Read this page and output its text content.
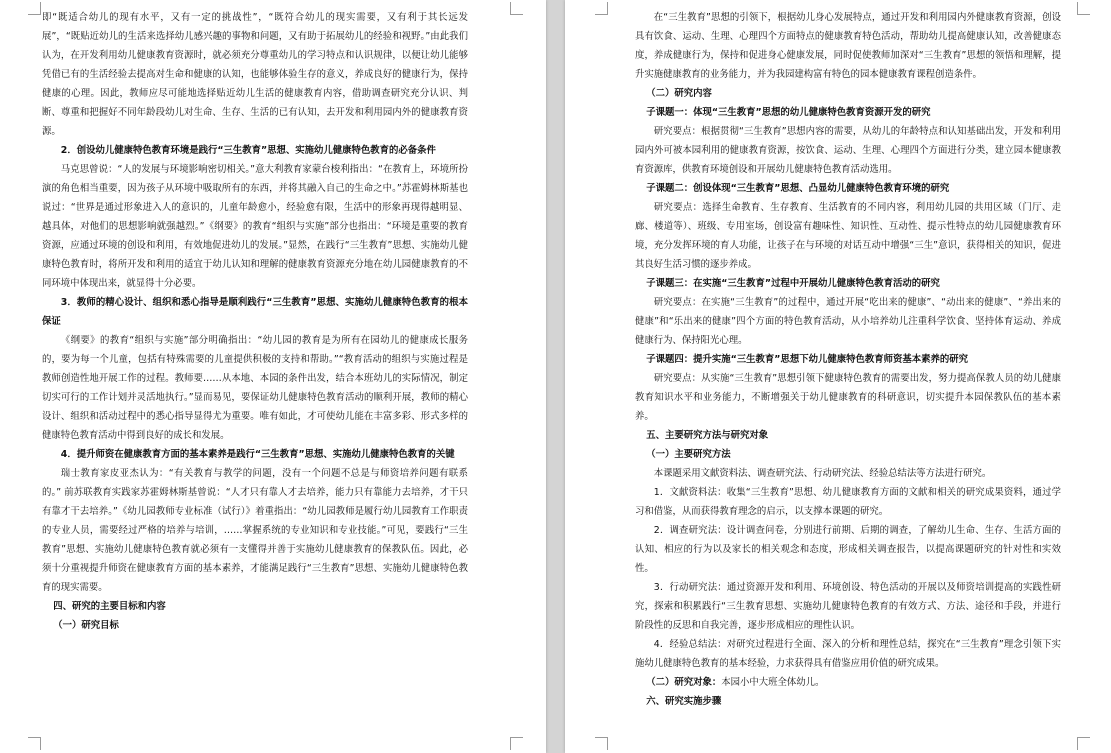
即“既适合幼儿的现有水平，又有一定的挑战性”，“既符合幼儿的现实需要，又有利于其长远发展”，“既贴近幼儿的生活来选择幼儿感兴趣的事物和问题，又有助于拓展幼儿的经验和视野。”由此我们认为，在开发利用幼儿健康教育资源时，就必须充分尊重幼儿的学习特点和认识规律，以便让幼儿能够凭借已有的生活经验去提高对生命和健康的认知，也能够体验生存的意义，养成良好的健康行为，保持健康的心理。因此，教师应尽可能地选择贴近幼儿生活的健康教育内容，借助调查研究充分认识、判断、尊重和把握好不同年龄段幼儿对生命、生存、生活的已有认知，去开发和利用园内外的健康教育资源。

2．创设幼儿健康特色教育环境是践行“三生教育”思想、实施幼儿健康特色教育的必备条件

马克思曾说：“人的发展与环境影响密切相关。”意大利教育家蒙台梭利指出：“在教育上，环境所扮演的角色相当重要，因为孩子从环境中吸取所有的东西，并将其融入自己的生命之中。”苏霍姆林斯基也说过：“世界是通过形象进入人的意识的，儿童年龄愈小，经验愈有限，生活中的形象再现得越明显、越具体，对他们的思想影响就强越烈。”《纲要》的教育“组织与实施”部分也指出：“环境是重要的教育资源，应通过环境的创设和利用，有效地促进幼儿的发展。”显然，在践行“三生教育”思想、实施幼儿健康特色教育时，将所开发和利用的适宜于幼儿认知和理解的健康教育资源充分地在幼儿园健康教育的不同环境中体现出来，就显得十分必要。

3．教师的精心设计、组织和悉心指导是顺利践行“三生教育”思想、实施幼儿健康特色教育的根本保证

《纲要》的教育“组织与实施”部分明确指出：“幼儿园的教育是为所有在园幼儿的健康成长服务的，要为每一个儿童，包括有特殊需要的儿童提供积极的支持和帮助。”“教育活动的组织与实施过程是教师创造性地开展工作的过程。教师要……从本地、本园的条件出发，结合本班幼儿的实际情况，制定切实可行的工作计划并灵活地执行。”显而易见，要保证幼儿健康特色教育活动的顺利开展，教师的精心设计、组织和活动过程中的悉心指导显得尤为重要。唯有如此，才可使幼儿能在丰富多彩、形式多样的健康特色教育活动中得到良好的成长和发展。

4．提升师资在健康教育方面的基本素养是践行“三生教育”思想、实施幼儿健康特色教育的关键

瑞士教育家皮亚杰认为：“有关教育与教学的问题，没有一个问题不总是与师资培养问题有联系的。” 前苏联教育实践家苏霍姆林斯基曾说：“人才只有靠人才去培养，能力只有靠能力去培养，才干只有靠才干去培养。”《幼儿园教师专业标准（试行）》着重指出：“幼儿园教师是履行幼儿园教育工作职责的专业人员，需要经过严格的培养与培训，……掌握系统的专业知识和专业技能。”可见，要践行“三生教育”思想、实施幼儿健康特色教育就必须有一支懂得并善于实施幼儿健康教育的保教队伍。因此，必须十分重视提升师资在健康教育方面的基本素养，才能满足践行“三生教育”思想、实施幼儿健康特色教育的现实需要。

四、研究的主要目标和内容

（一）研究目标

在“三生教育”思想的引领下，根据幼儿身心发展特点，通过开发和利用园内外健康教育资源，创设具有饮食、运动、生理、心理四个方面特点的健康教育特色活动，帮助幼儿提高健康认知，改善健康态度，养成健康行为，保持和促进身心健康发展，同时促使教师加深对“三生教育”思想的领悟和理解，提升实施健康教育的业务能力，并为我园建构富有特色的园本健康教育课程创造条件。

（二）研究内容

子课题一：体现“三生教育”思想的幼儿健康特色教育资源开发的研究

研究要点：根据贯彻“三生教育”思想内容的需要，从幼儿的年龄特点和认知基础出发，开发和利用园内外可被本园利用的健康教育资源，按饮食、运动、生理、心理四个方面进行分类，建立园本健康教育资源库，供教育环境创设和开展幼儿健康特色教育活动选用。

子课题二：创设体现“三生教育”思想、凸显幼儿健康特色教育环境的研究

研究要点：选择生命教育、生存教育、生活教育的不同内容，利用幼儿园的共用区域（门厅、走廊、楼道等）、班级、专用室场，创设富有趣味性、知识性、互动性、提示性特点的幼儿园健康教育环境，充分发挥环境的育人功能，让孩子在与环境的对话互动中增强“三生”意识，获得相关的知识，促进其良好生活习惯的逐步养成。

子课题三：在实施“三生教育”过程中开展幼儿健康特色教育活动的研究

研究要点：在实施“三生教育”的过程中，通过开展“吃出来的健康”、“动出来的健康”、“养出来的健康”和“乐出来的健康”四个方面的特色教育活动，从小培养幼儿注重科学饮食、坚持体育运动、养成健康行为、保持阳光心理。

子课题四：提升实施“三生教育”思想下幼儿健康特色教育师资基本素养的研究

研究要点：从实施“三生教育”思想引领下健康特色教育的需要出发，努力提高保教人员的幼儿健康教育知识水平和业务能力，不断增强关于幼儿健康教育的科研意识，切实提升本园保教队伍的基本素养。

五、主要研究方法与研究对象

（一）主要研究方法

本课题采用文献资料法、调查研究法、行动研究法、经验总结法等方法进行研究。

1．文献资料法：收集“三生教育”思想、幼儿健康教育方面的文献和相关的研究成果资料，通过学习和借鉴，从而获得教育理念的启示，以支撑本课题的研究。

2．调查研究法：设计调查问卷，分别进行前期、后期的调查，了解幼儿生命、生存、生活方面的认知、相应的行为以及家长的相关观念和态度，形成相关调查报告，以提高课题研究的针对性和实效性。

3．行动研究法：通过资源开发和利用、环境创设、特色活动的开展以及师资培训提高的实践性研究，探索和积累践行“三生教育思想、实施幼儿健康特色教育的有效方式、方法、途径和手段，并进行阶段性的反思和自我完善，逐步形成相应的理性认识。

4．经验总结法：对研究过程进行全面、深入的分析和理性总结，探究在“三生教育”理念引领下实施幼儿健康特色教育的基本经验，力求获得具有借鉴应用价值的研究成果。

（二）研究对象：本园小中大班全体幼儿。

六、研究实施步骤
